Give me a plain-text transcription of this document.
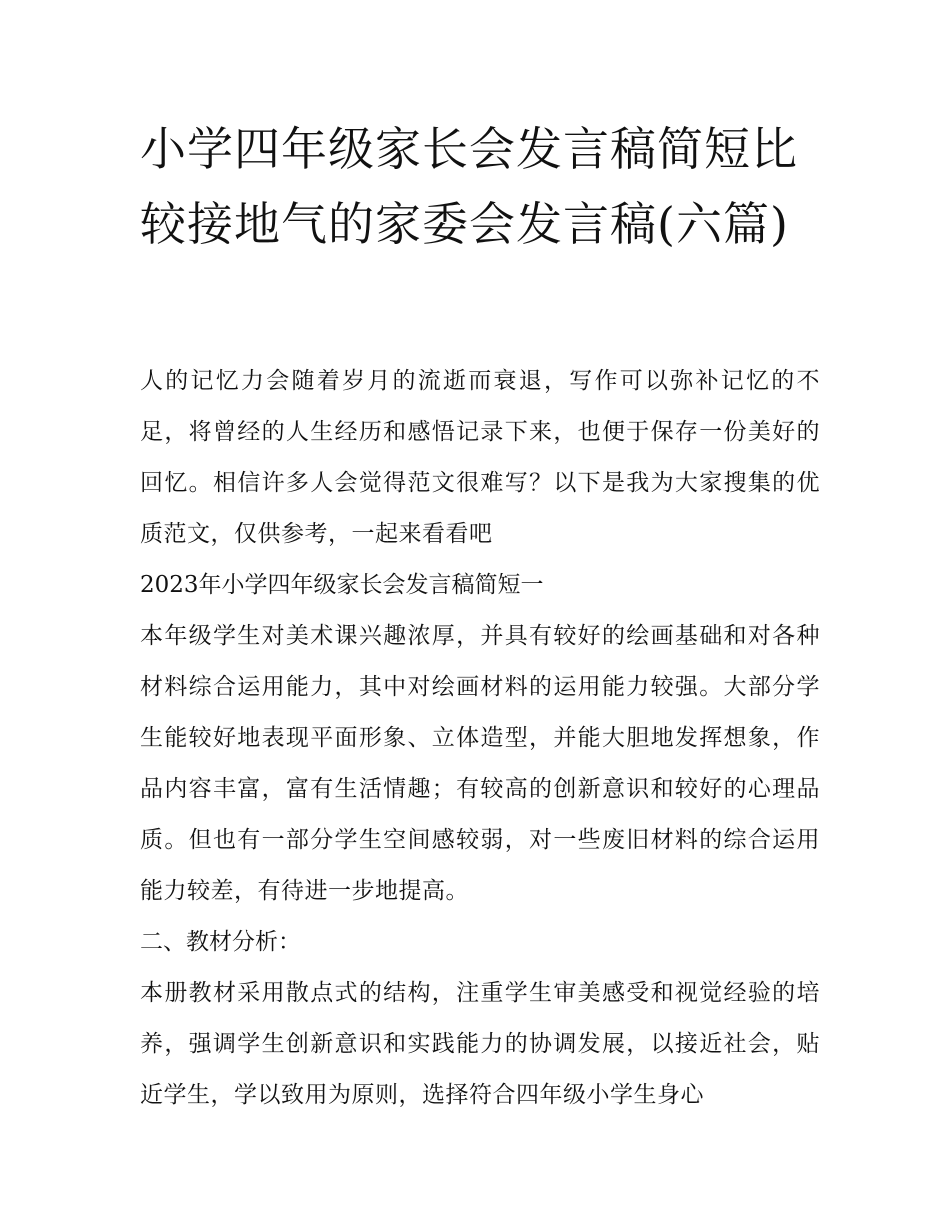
小学四年级家长会发言稿简短比较接地气的家委会发言稿(六篇)

人的记忆力会随着岁月的流逝而衰退，写作可以弥补记忆的不足，将曾经的人生经历和感悟记录下来，也便于保存一份美好的回忆。相信许多人会觉得范文很难写？以下是我为大家搜集的优质范文，仅供参考，一起来看看吧

2023年小学四年级家长会发言稿简短一

本年级学生对美术课兴趣浓厚，并具有较好的绘画基础和对各种材料综合运用能力，其中对绘画材料的运用能力较强。大部分学生能较好地表现平面形象、立体造型，并能大胆地发挥想象，作品内容丰富，富有生活情趣；有较高的创新意识和较好的心理品质。但也有一部分学生空间感较弱，对一些废旧材料的综合运用能力较差，有待进一步地提高。

二、教材分析：

本册教材采用散点式的结构，注重学生审美感受和视觉经验的培养，强调学生创新意识和实践能力的协调发展，以接近社会，贴近学生，学以致用为原则，选择符合四年级小学生身心
